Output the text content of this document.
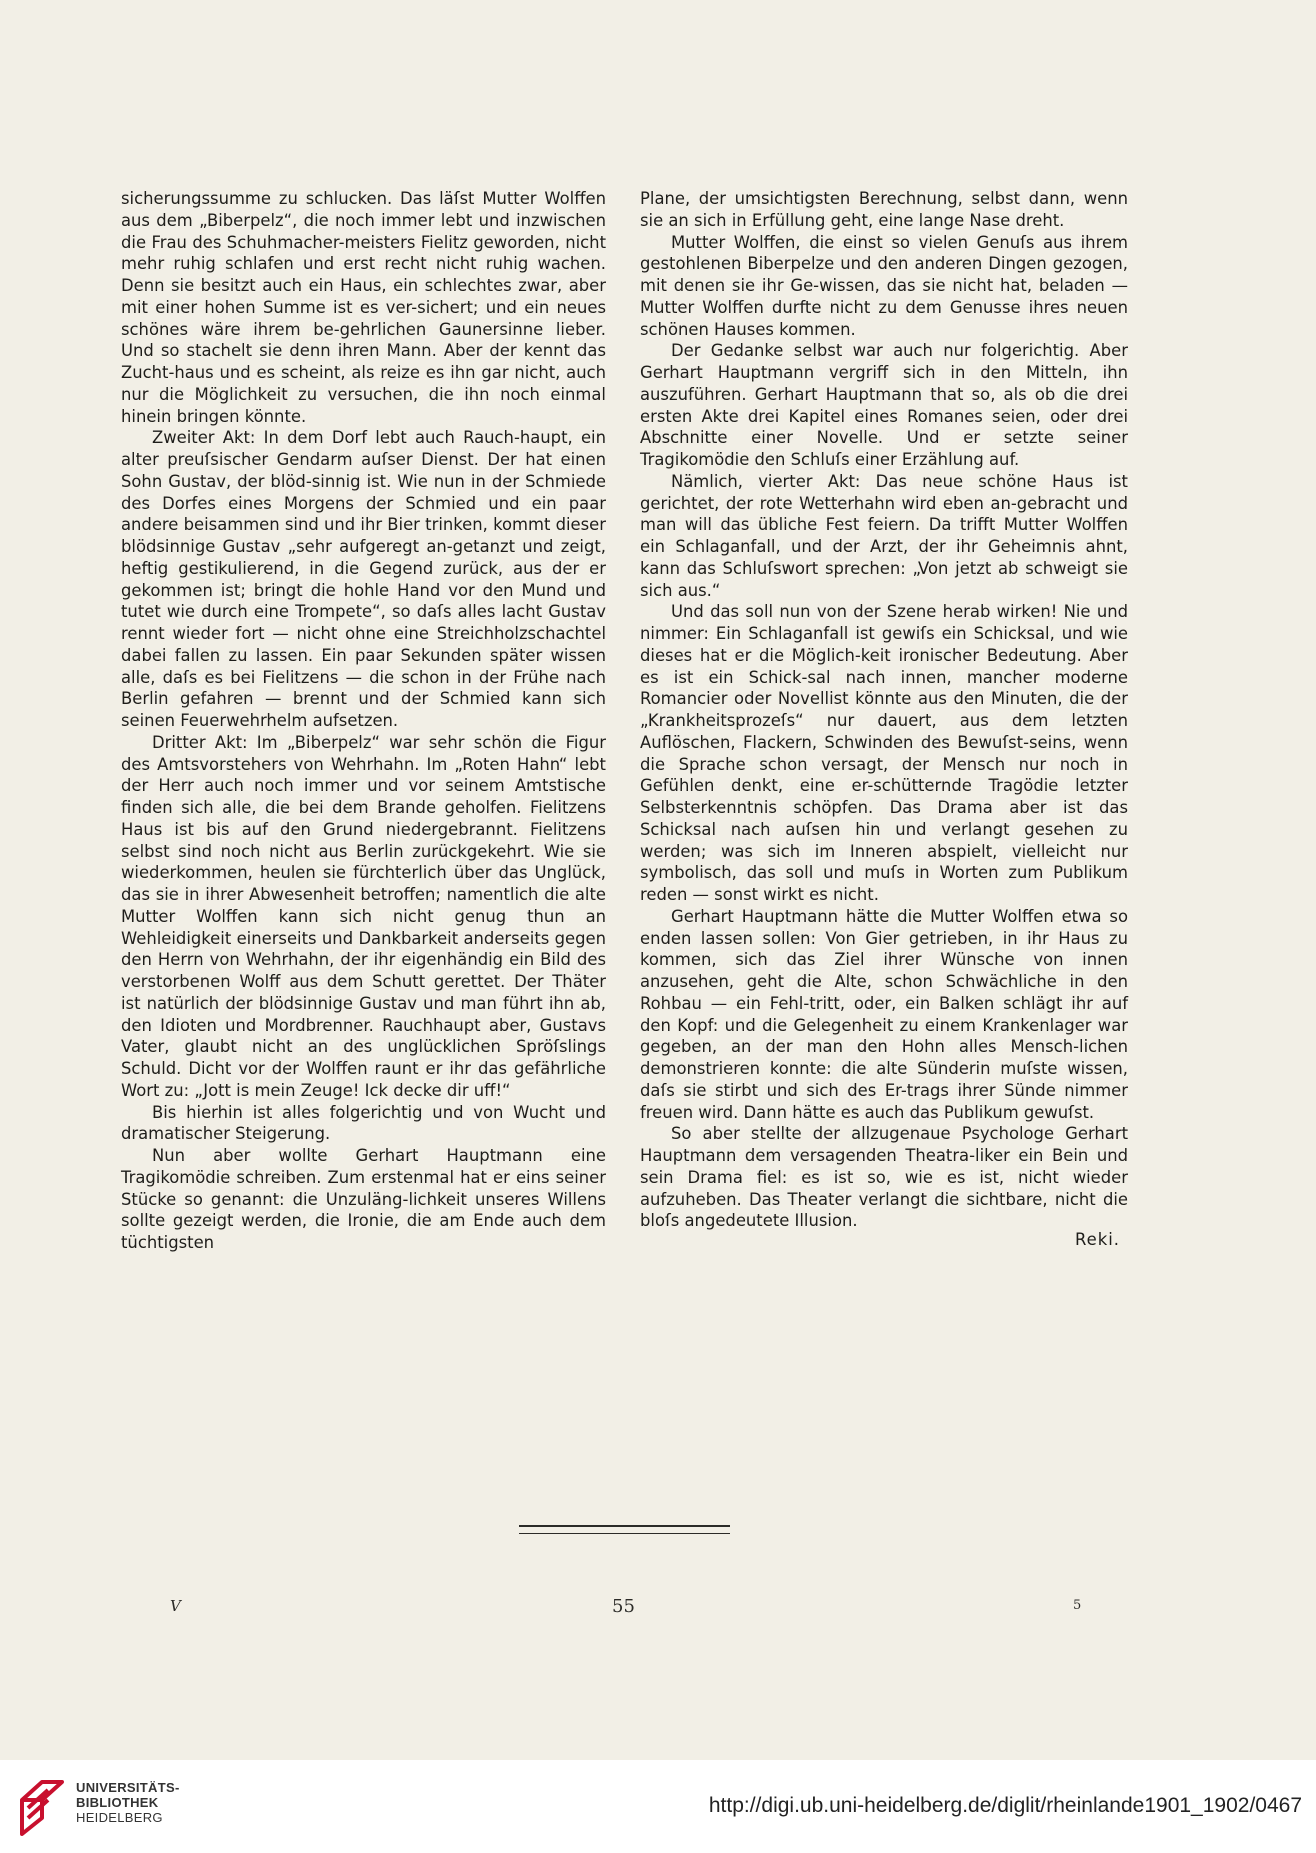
sicherungssumme zu schlucken. Das läſst Mutter Wolffen aus dem „Biberpelz“, die noch immer lebt und inzwischen die Frau des Schuhmacher-meisters Fielitz geworden, nicht mehr ruhig schlafen und erst recht nicht ruhig wachen. Denn sie besitzt auch ein Haus, ein schlechtes zwar, aber mit einer hohen Summe ist es ver-sichert; und ein neues schönes wäre ihrem be-gehrlichen Gaunersinne lieber. Und so stachelt sie denn ihren Mann. Aber der kennt das Zucht-haus und es scheint, als reize es ihn gar nicht, auch nur die Möglichkeit zu versuchen, die ihn noch einmal hinein bringen könnte.

Zweiter Akt: In dem Dorf lebt auch Rauch-haupt, ein alter preuſsischer Gendarm auſser Dienst. Der hat einen Sohn Gustav, der blöd-sinnig ist. Wie nun in der Schmiede des Dorfes eines Morgens der Schmied und ein paar andere beisammen sind und ihr Bier trinken, kommt dieser blödsinnige Gustav „sehr aufgeregt an-getanzt und zeigt, heftig gestikulierend, in die Gegend zurück, aus der er gekommen ist; bringt die hohle Hand vor den Mund und tutet wie durch eine Trompete“, so daſs alles lacht Gustav rennt wieder fort — nicht ohne eine Streichholzschachtel dabei fallen zu lassen. Ein paar Sekunden später wissen alle, daſs es bei Fielitzens — die schon in der Frühe nach Berlin gefahren — brennt und der Schmied kann sich seinen Feuerwehrhelm aufsetzen.

Dritter Akt: Im „Biberpelz“ war sehr schön die Figur des Amtsvorstehers von Wehrhahn. Im „Roten Hahn“ lebt der Herr auch noch immer und vor seinem Amtstische finden sich alle, die bei dem Brande geholfen. Fielitzens Haus ist bis auf den Grund niedergebrannt. Fielitzens selbst sind noch nicht aus Berlin zurückgekehrt. Wie sie wiederkommen, heulen sie fürchterlich über das Unglück, das sie in ihrer Abwesenheit betroffen; namentlich die alte Mutter Wolffen kann sich nicht genug thun an Wehleidigkeit einerseits und Dankbarkeit anderseits gegen den Herrn von Wehrhahn, der ihr eigenhändig ein Bild des verstorbenen Wolff aus dem Schutt gerettet. Der Thäter ist natürlich der blödsinnige Gustav und man führt ihn ab, den Idioten und Mordbrenner. Rauchhaupt aber, Gustavs Vater, glaubt nicht an des unglücklichen Spröſslings Schuld. Dicht vor der Wolffen raunt er ihr das gefährliche Wort zu: „Jott is mein Zeuge! Ick decke dir uff!“

Bis hierhin ist alles folgerichtig und von Wucht und dramatischer Steigerung.

Nun aber wollte Gerhart Hauptmann eine Tragikomödie schreiben. Zum erstenmal hat er eins seiner Stücke so genannt: die Unzuläng-lichkeit unseres Willens sollte gezeigt werden, die Ironie, die am Ende auch dem tüchtigsten

Plane, der umsichtigsten Berechnung, selbst dann, wenn sie an sich in Erfüllung geht, eine lange Nase dreht.

Mutter Wolffen, die einst so vielen Genuſs aus ihrem gestohlenen Biberpelze und den anderen Dingen gezogen, mit denen sie ihr Ge-wissen, das sie nicht hat, beladen — Mutter Wolffen durfte nicht zu dem Genusse ihres neuen schönen Hauses kommen.

Der Gedanke selbst war auch nur folgerichtig. Aber Gerhart Hauptmann vergriff sich in den Mitteln, ihn auszuführen. Gerhart Hauptmann that so, als ob die drei ersten Akte drei Kapitel eines Romanes seien, oder drei Abschnitte einer Novelle. Und er setzte seiner Tragikomödie den Schluſs einer Erzählung auf.

Nämlich, vierter Akt: Das neue schöne Haus ist gerichtet, der rote Wetterhahn wird eben an-gebracht und man will das übliche Fest feiern. Da trifft Mutter Wolffen ein Schlaganfall, und der Arzt, der ihr Geheimnis ahnt, kann das Schluſswort sprechen: „Von jetzt ab schweigt sie sich aus.“

Und das soll nun von der Szene herab wirken! Nie und nimmer: Ein Schlaganfall ist gewiſs ein Schicksal, und wie dieses hat er die Möglich-keit ironischer Bedeutung. Aber es ist ein Schick-sal nach innen, mancher moderne Romancier oder Novellist könnte aus den Minuten, die der „Krankheitsprozeſs“ nur dauert, aus dem letzten Auflöschen, Flackern, Schwinden des Bewuſst-seins, wenn die Sprache schon versagt, der Mensch nur noch in Gefühlen denkt, eine er-schütternde Tragödie letzter Selbsterkenntnis schöpfen. Das Drama aber ist das Schicksal nach auſsen hin und verlangt gesehen zu werden; was sich im Inneren abspielt, vielleicht nur symbolisch, das soll und muſs in Worten zum Publikum reden — sonst wirkt es nicht.

Gerhart Hauptmann hätte die Mutter Wolffen etwa so enden lassen sollen: Von Gier getrieben, in ihr Haus zu kommen, sich das Ziel ihrer Wünsche von innen anzusehen, geht die Alte, schon Schwächliche in den Rohbau — ein Fehl-tritt, oder, ein Balken schlägt ihr auf den Kopf: und die Gelegenheit zu einem Krankenlager war gegeben, an der man den Hohn alles Mensch-lichen demonstrieren konnte: die alte Sünderin muſste wissen, daſs sie stirbt und sich des Er-trags ihrer Sünde nimmer freuen wird. Dann hätte es auch das Publikum gewuſst.

So aber stellte der allzugenaue Psychologe Gerhart Hauptmann dem versagenden Theatra-liker ein Bein und sein Drama fiel: es ist so, wie es ist, nicht wieder aufzuheben. Das Theater verlangt die sichtbare, nicht die bloſs angedeutete Illusion.

Reki.
V	55	5
UNIVERSITÄTS-
BIBLIOTHEK
HEIDELBERG
http://digi.ub.uni-heidelberg.de/diglit/rheinlande1901_1902/0467
